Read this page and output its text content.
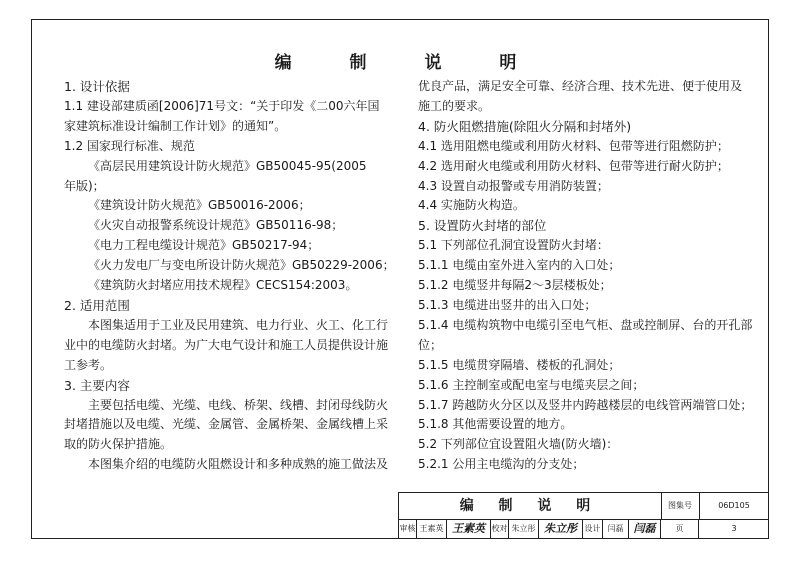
编 制 说 明
1. 设计依据
1.1 建设部建质函[2006]71号文：“关于印发《二00六年国
家建筑标准设计编制工作计划》的通知”。
1.2 国家现行标准、规范
《高层民用建筑设计防火规范》GB50045-95(2005
年版)；
《建筑设计防火规范》GB50016-2006；
《火灾自动报警系统设计规范》GB50116-98；
《电力工程电缆设计规范》GB50217-94；
《火力发电厂与变电所设计防火规范》GB50229-2006；
《建筑防火封堵应用技术规程》CECS154:2003。
2. 适用范围
本图集适用于工业及民用建筑、电力行业、火工、化工行
业中的电缆防火封堵。为广大电气设计和施工人员提供设计施
工参考。
3. 主要内容
主要包括电缆、光缆、电线、桥架、线槽、封闭母线防火
封堵措施以及电缆、光缆、金属管、金属桥架、金属线槽上采
取的防火保护措施。
本图集介绍的电缆防火阻燃设计和多种成熟的施工做法及
优良产品，满足安全可靠、经济合理、技术先进、便于使用及
施工的要求。
4. 防火阻燃措施(除阻火分隔和封堵外)
4.1 选用阻燃电缆或利用防火材料、包带等进行阻燃防护；
4.2 选用耐火电缆或利用防火材料、包带等进行耐火防护；
4.3 设置自动报警或专用消防装置；
4.4 实施防火构造。
5. 设置防火封堵的部位
5.1 下列部位孔洞宜设置防火封堵：
5.1.1 电缆由室外进入室内的入口处；
5.1.2 电缆竖井每隔2～3层楼板处；
5.1.3 电缆进出竖井的出入口处；
5.1.4 电缆构筑物中电缆引至电气柜、盘或控制屏、台的开孔部
位；
5.1.5 电缆贯穿隔墙、楼板的孔洞处；
5.1.6 主控制室或配电室与电缆夹层之间；
5.1.7 跨越防火分区以及竖井内跨越楼层的电线管两端管口处；
5.1.8 其他需要设置的地方。
5.2 下列部位宜设置阻火墙(防火墙)：
5.2.1 公用主电缆沟的分支处；
编 制 说 明	图集号	06D105
审核 王素英 王素英 校对 朱立彤 朱立彤 设计 闫磊 闫磊	页	3
